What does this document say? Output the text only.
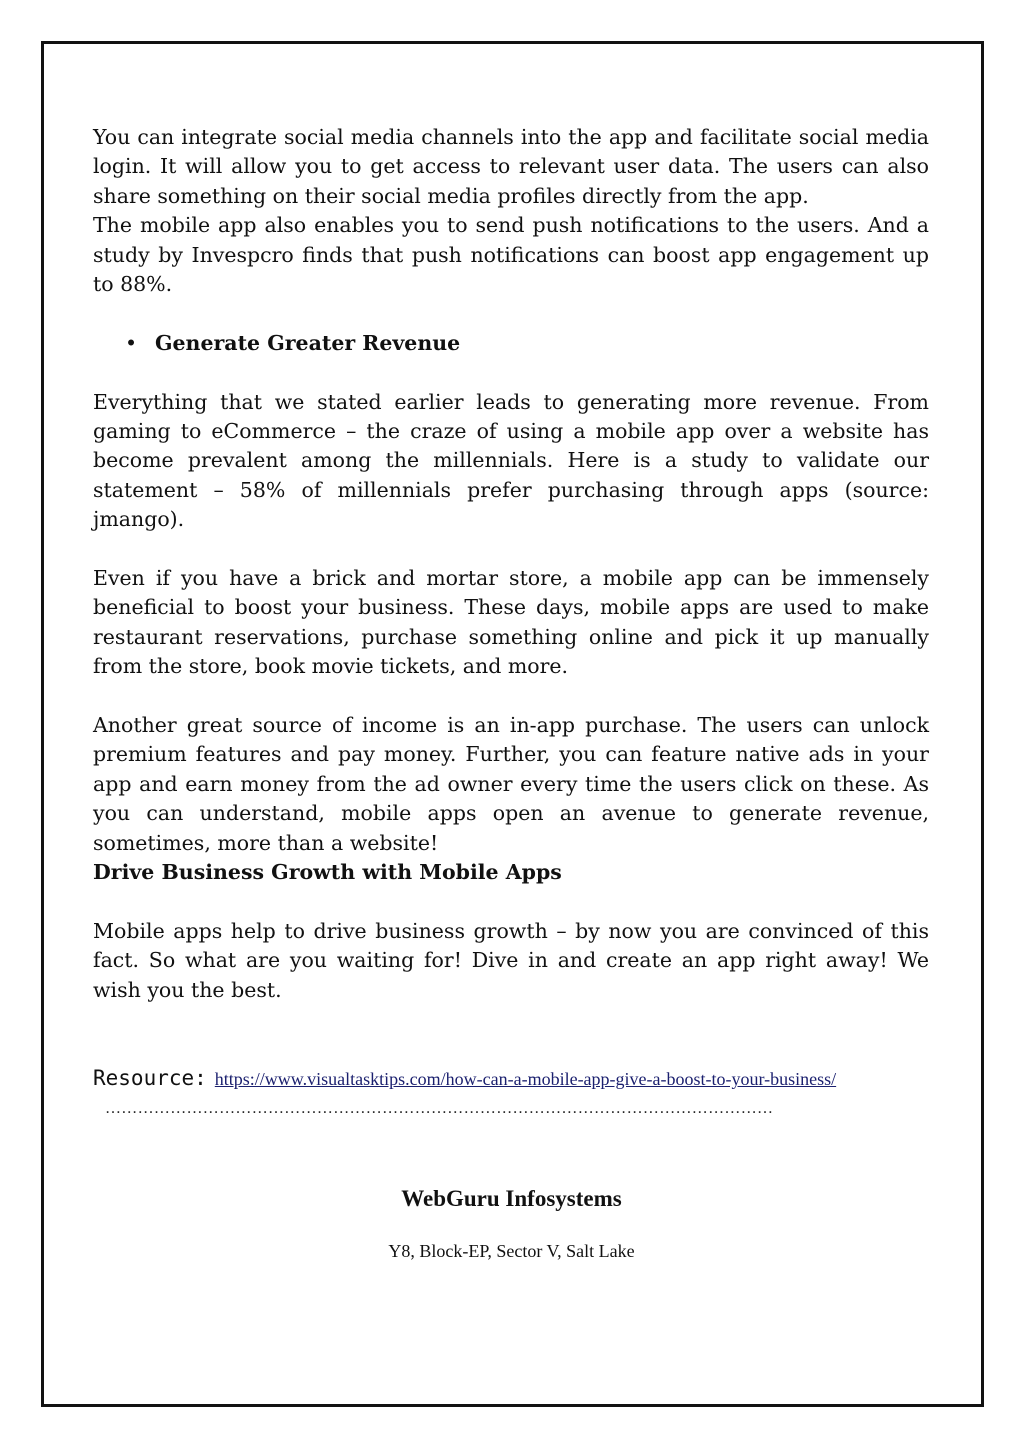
You can integrate social media channels into the app and facilitate social media login. It will allow you to get access to relevant user data. The users can also share something on their social media profiles directly from the app.

The mobile app also enables you to send push notifications to the users. And a study by Invespcro finds that push notifications can boost app engagement up to 88%.

• Generate Greater Revenue

Everything that we stated earlier leads to generating more revenue. From gaming to eCommerce – the craze of using a mobile app over a website has become prevalent among the millennials. Here is a study to validate our statement – 58% of millennials prefer purchasing through apps (source: jmango).

Even if you have a brick and mortar store, a mobile app can be immensely beneficial to boost your business. These days, mobile apps are used to make restaurant reservations, purchase something online and pick it up manually from the store, book movie tickets, and more.

Another great source of income is an in-app purchase. The users can unlock premium features and pay money. Further, you can feature native ads in your app and earn money from the ad owner every time the users click on these. As you can understand, mobile apps open an avenue to generate revenue, sometimes, more than a website!

Drive Business Growth with Mobile Apps

Mobile apps help to drive business growth – by now you are convinced of this fact. So what are you waiting for! Dive in and create an app right away! We wish you the best.

Resource: https://www.visualtasktips.com/how-can-a-mobile-app-give-a-boost-to-your-business/
……………………………………………………………………………………………………………
WebGuru Infosystems
Y8, Block-EP, Sector V, Salt Lake
